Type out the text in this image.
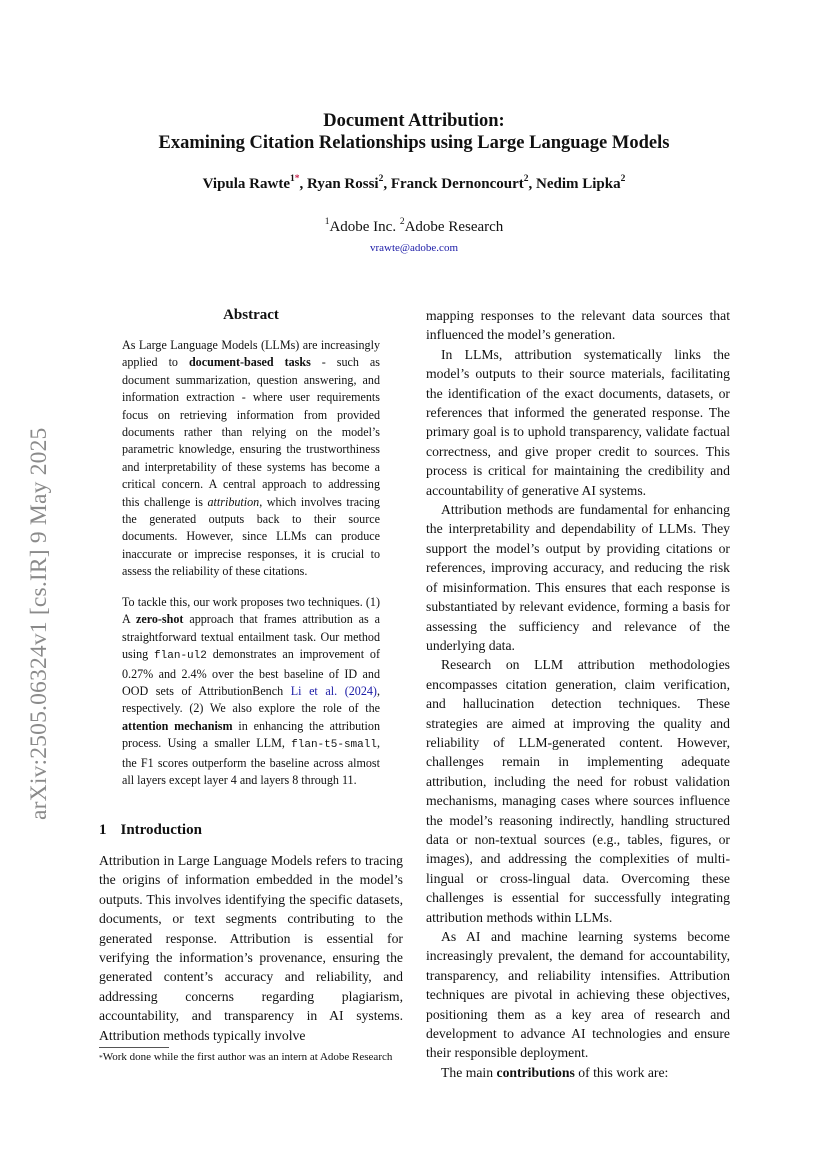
arXiv:2505.06324v1 [cs.IR] 9 May 2025
Document Attribution:
Examining Citation Relationships using Large Language Models
Vipula Rawte$^{1*}$, Ryan Rossi$^2$, Franck Dernoncourt$^2$, Nedim Lipka$^2$
$^1$Adobe Inc. $^2$Adobe Research
vrawte@adobe.com
Abstract

As Large Language Models (LLMs) are increasingly applied to document-based tasks - such as document summarization, question answering, and information extraction - where user requirements focus on retrieving information from provided documents rather than relying on the model’s parametric knowledge, ensuring the trustworthiness and interpretability of these systems has become a critical concern. A central approach to addressing this challenge is attribution, which involves tracing the generated outputs back to their source documents. However, since LLMs can produce inaccurate or imprecise responses, it is crucial to assess the reliability of these citations.

To tackle this, our work proposes two techniques. (1) A zero-shot approach that frames attribution as a straightforward textual entailment task. Our method using flan-ul2 demonstrates an improvement of 0.27% and 2.4% over the best baseline of ID and OOD sets of AttributionBench Li et al. (2024), respectively. (2) We also explore the role of the attention mechanism in enhancing the attribution process. Using a smaller LLM, flan-t5-small, the F1 scores outperform the baseline across almost all layers except layer 4 and layers 8 through 11.

1 Introduction

Attribution in Large Language Models refers to tracing the origins of information embedded in the model’s outputs. This involves identifying the specific datasets, documents, or text segments contributing to the generated response. Attribution is essential for verifying the information’s provenance, ensuring the generated content’s accuracy and reliability, and addressing concerns regarding plagiarism, accountability, and transparency in AI systems. Attribution methods typically involve

*Work done while the first author was an intern at Adobe Research

mapping responses to the relevant data sources that influenced the model’s generation.

In LLMs, attribution systematically links the model’s outputs to their source materials, facilitating the identification of the exact documents, datasets, or references that informed the generated response. The primary goal is to uphold transparency, validate factual correctness, and give proper credit to sources. This process is critical for maintaining the credibility and accountability of generative AI systems.

Attribution methods are fundamental for enhancing the interpretability and dependability of LLMs. They support the model’s output by providing citations or references, improving accuracy, and reducing the risk of misinformation. This ensures that each response is substantiated by relevant evidence, forming a basis for assessing the sufficiency and relevance of the underlying data.

Research on LLM attribution methodologies encompasses citation generation, claim verification, and hallucination detection techniques. These strategies are aimed at improving the quality and reliability of LLM-generated content. However, challenges remain in implementing adequate attribution, including the need for robust validation mechanisms, managing cases where sources influence the model’s reasoning indirectly, handling structured data or non-textual sources (e.g., tables, figures, or images), and addressing the complexities of multi-lingual or cross-lingual data. Overcoming these challenges is essential for successfully integrating attribution methods within LLMs.

As AI and machine learning systems become increasingly prevalent, the demand for accountability, transparency, and reliability intensifies. Attribution techniques are pivotal in achieving these objectives, positioning them as a key area of research and development to advance AI technologies and ensure their responsible deployment.

The main contributions of this work are:
